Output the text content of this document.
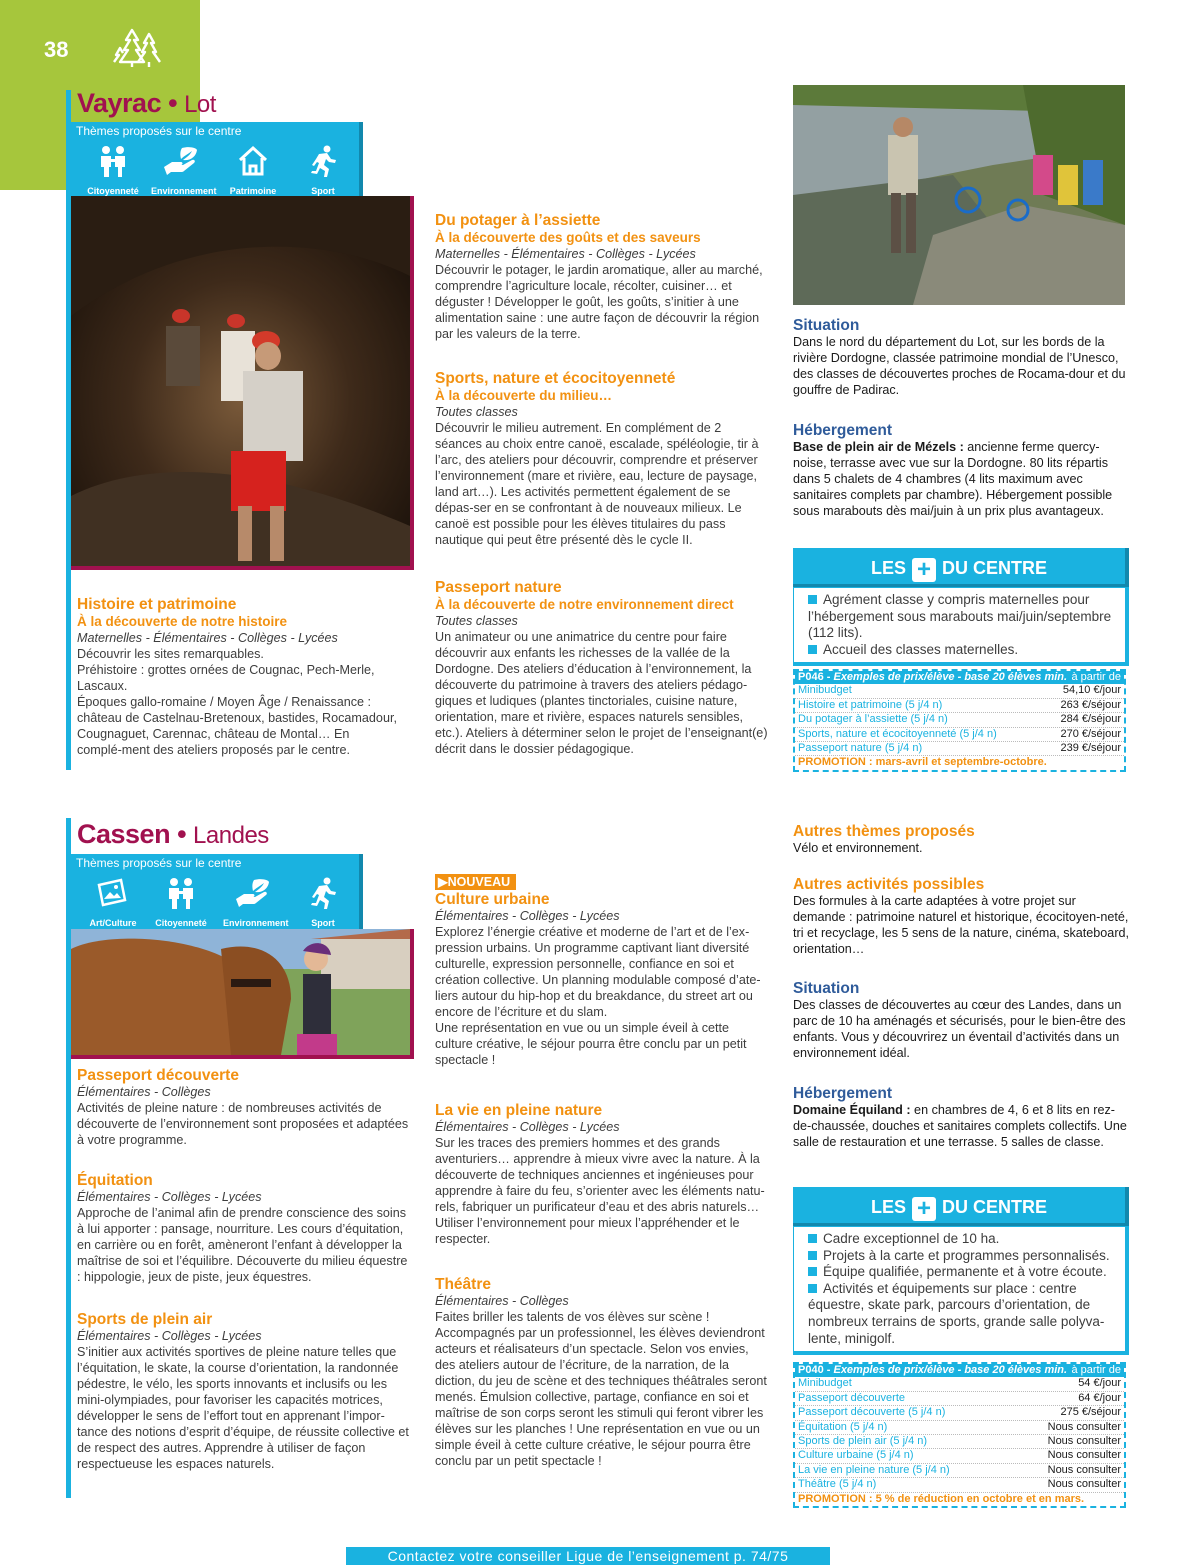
38
Vayrac • Lot
Thèmes proposés sur le centre
Citoyenneté	Environnement	Patrimoine	Sport
Histoire et patrimoine
À la découverte de notre histoire
Maternelles - Élémentaires - Collèges - Lycées
Découvrir les sites remarquables.
Préhistoire : grottes ornées de Cougnac, Pech-Merle, Lascaux.
Époques gallo-romaine / Moyen Âge / Renaissance : château de Castelnau-Bretenoux, bastides, Rocamadour, Cougnaguet, Carennac, château de Montal… En complé-ment des ateliers proposés par le centre.
Du potager à l’assiette
À la découverte des goûts et des saveurs
Maternelles - Élémentaires - Collèges - Lycées
Découvrir le potager, le jardin aromatique, aller au marché, comprendre l’agriculture locale, récolter, cuisiner… et déguster ! Développer le goût, les goûts, s’initier à une alimentation saine : une autre façon de découvrir la région par les valeurs de la terre.
Sports, nature et écocitoyenneté
À la découverte du milieu…
Toutes classes
Découvrir le milieu autrement. En complément de 2 séances au choix entre canoë, escalade, spéléologie, tir à l’arc, des ateliers pour découvrir, comprendre et préserver l’environnement (mare et rivière, eau, lecture de paysage, land art…). Les activités permettent également de se dépas-ser en se confrontant à de nouveaux milieux. Le canoë est possible pour les élèves titulaires du pass nautique qui peut être présenté dès le cycle II.
Passeport nature
À la découverte de notre environnement direct
Toutes classes
Un animateur ou une animatrice du centre pour faire découvrir aux enfants les richesses de la vallée de la Dordogne. Des ateliers d’éducation à l’environnement, la découverte du patrimoine à travers des ateliers pédago-giques et ludiques (plantes tinctoriales, cuisine nature, orientation, mare et rivière, espaces naturels sensibles, etc.). Ateliers à déterminer selon le projet de l’enseignant(e) décrit dans le dossier pédagogique.
Situation
Dans le nord du département du Lot, sur les bords de la rivière Dordogne, classée patrimoine mondial de l’Unesco, des classes de découvertes proches de Rocama-dour et du gouffre de Padirac.
Hébergement
Base de plein air de Mézels : ancienne ferme quercy-noise, terrasse avec vue sur la Dordogne. 80 lits répartis dans 5 chalets de 4 chambres (4 lits maximum avec sanitaires complets par chambre). Hébergement possible sous marabouts dès mai/juin à un prix plus avantageux.
LES + DU CENTRE
Agrément classe y compris maternelles pour l’hébergement sous marabouts mai/juin/septembre (112 lits).
Accueil des classes maternelles.
P046 - Exemples de prix/élève - base 20 élèves min. à partir de
Minibudget	54,10 €/jour
Histoire et patrimoine (5 j/4 n)	263 €/séjour
Du potager à l’assiette (5 j/4 n)	284 €/séjour
Sports, nature et écocitoyenneté (5 j/4 n)	270 €/séjour
Passeport nature (5 j/4 n)	239 €/séjour
PROMOTION : mars-avril et septembre-octobre.
Cassen • Landes
Thèmes proposés sur le centre
Art/Culture	Citoyenneté	Environnement	Sport
Passeport découverte
Élémentaires - Collèges
Activités de pleine nature : de nombreuses activités de découverte de l’environnement sont proposées et adaptées à votre programme.
Équitation
Élémentaires - Collèges - Lycées
Approche de l’animal afin de prendre conscience des soins à lui apporter : pansage, nourriture. Les cours d’équitation, en carrière ou en forêt, amèneront l’enfant à développer la maîtrise de soi et l’équilibre. Découverte du milieu équestre : hippologie, jeux de piste, jeux équestres.
Sports de plein air
Élémentaires - Collèges - Lycées
S’initier aux activités sportives de pleine nature telles que l’équitation, le skate, la course d’orientation, la randonnée pédestre, le vélo, les sports innovants et inclusifs ou les mini-olympiades, pour favoriser les capacités motrices, développer le sens de l’effort tout en apprenant l’impor-tance des notions d’esprit d’équipe, de réussite collective et de respect des autres. Apprendre à utiliser de façon respectueuse les espaces naturels.
▶NOUVEAU
Culture urbaine
Élémentaires - Collèges - Lycées
Explorez l’énergie créative et moderne de l’art et de l’ex-pression urbains. Un programme captivant liant diversité culturelle, expression personnelle, confiance en soi et création collective. Un planning modulable composé d’ate-liers autour du hip-hop et du breakdance, du street art ou encore de l’écriture et du slam.
Une représentation en vue ou un simple éveil à cette culture créative, le séjour pourra être conclu par un petit spectacle !
La vie en pleine nature
Élémentaires - Collèges - Lycées
Sur les traces des premiers hommes et des grands aventuriers… apprendre à mieux vivre avec la nature. À la découverte de techniques anciennes et ingénieuses pour apprendre à faire du feu, s’orienter avec les éléments natu-rels, fabriquer un purificateur d’eau et des abris naturels… Utiliser l’environnement pour mieux l’appréhender et le respecter.
Théâtre
Élémentaires - Collèges
Faites briller les talents de vos élèves sur scène ! Accompagnés par un professionnel, les élèves deviendront acteurs et réalisateurs d’un spectacle. Selon vos envies, des ateliers autour de l’écriture, de la narration, de la diction, du jeu de scène et des techniques théâtrales seront menés. Émulsion collective, partage, confiance en soi et maîtrise de son corps seront les stimuli qui feront vibrer les élèves sur les planches ! Une représentation en vue ou un simple éveil à cette culture créative, le séjour pourra être conclu par un petit spectacle !
Autres thèmes proposés
Vélo et environnement.
Autres activités possibles
Des formules à la carte adaptées à votre projet sur demande : patrimoine naturel et historique, écocitoyen-neté, tri et recyclage, les 5 sens de la nature, cinéma, skateboard, orientation…
Situation
Des classes de découvertes au cœur des Landes, dans un parc de 10 ha aménagés et sécurisés, pour le bien-être des enfants. Vous y découvrirez un éventail d’activités dans un environnement idéal.
Hébergement
Domaine Équiland : en chambres de 4, 6 et 8 lits en rez-de-chaussée, douches et sanitaires complets collectifs. Une salle de restauration et une terrasse. 5 salles de classe.
LES + DU CENTRE
Cadre exceptionnel de 10 ha.
Projets à la carte et programmes personnalisés.
Équipe qualifiée, permanente et à votre écoute.
Activités et équipements sur place : centre équestre, skate park, parcours d’orientation, de nombreux terrains de sports, grande salle polyva-lente, minigolf.
P040 - Exemples de prix/élève - base 20 élèves min. à partir de
Minibudget	54 €/jour
Passeport découverte	64 €/jour
Passeport découverte (5 j/4 n)	275 €/séjour
Équitation (5 j/4 n)	Nous consulter
Sports de plein air (5 j/4 n)	Nous consulter
Culture urbaine (5 j/4 n)	Nous consulter
La vie en pleine nature (5 j/4 n)	Nous consulter
Théâtre (5 j/4 n)	Nous consulter
PROMOTION : 5 % de réduction en octobre et en mars.
Contactez votre conseiller Ligue de l’enseignement p. 74/75
